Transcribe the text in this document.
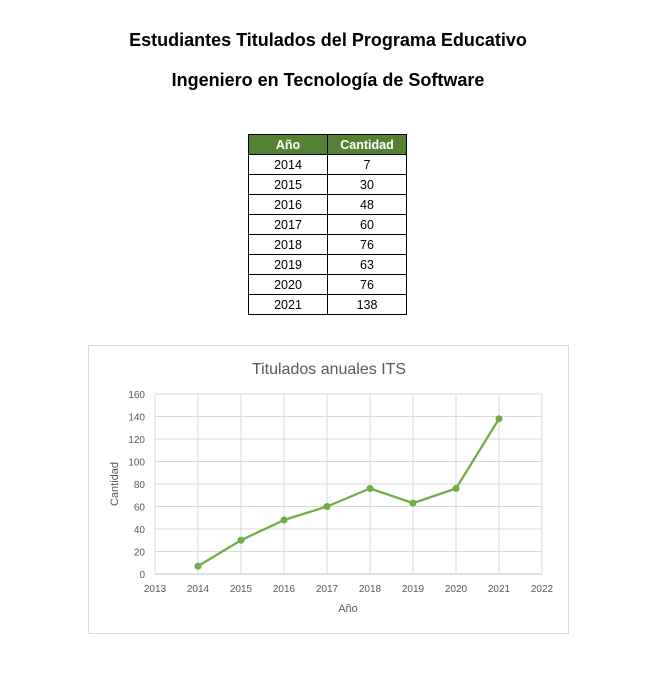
Estudiantes Titulados del Programa Educativo
Ingeniero en Tecnología de Software
Año	Cantidad
2014	7
2015	30
2016	48
2017	60
2018	76
2019	63
2020	76
2021	138
0
20
40
60
80
100
120
140
160
2013 2014 2015 2016 2017 2018 2019 2020 2021 2022
Titulados anuales ITS
Año
Cantidad
